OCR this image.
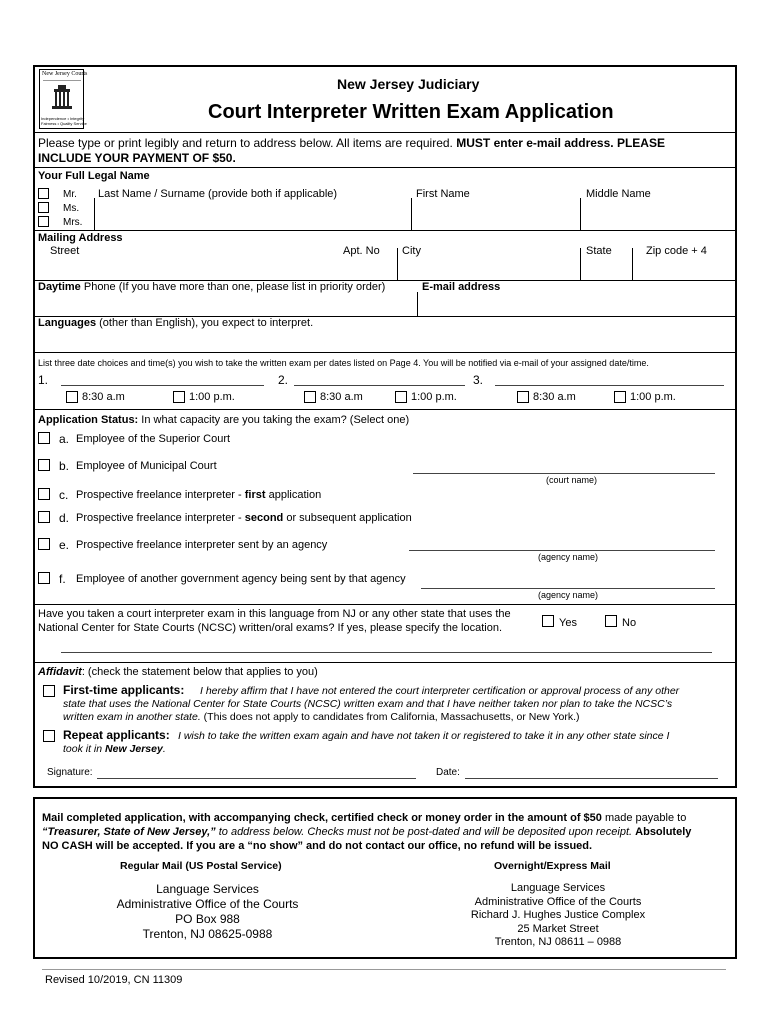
New Jersey Courts
Independence • Integrity
Fairness • Quality Service
New Jersey Judiciary
Court Interpreter Written Exam Application
Please type or print legibly and return to address below. All items are required. MUST enter e-mail address. PLEASE
INCLUDE YOUR PAYMENT OF $50.
Your Full Legal Name
Mr.
Ms.
Mrs.
Last Name / Surname (provide both if applicable)	First Name	Middle Name
Mailing Address
Street	Apt. No City	State	Zip code + 4
Daytime Phone (If you have more than one, please list in priority order)	E-mail address
Languages (other than English), you expect to interpret.
List three date choices and time(s) you wish to take the written exam per dates listed on Page 4. You will be notified via e-mail of your assigned date/time.
1.	2.	3.
8:30 a.m	1:00 p.m.	8:30 a.m	1:00 p.m.	8:30 a.m	1:00 p.m.
Application Status: In what capacity are you taking the exam? (Select one)
a. Employee of the Superior Court
b. Employee of Municipal Court
(court name)
c. Prospective freelance interpreter - first application
d. Prospective freelance interpreter - second or subsequent application
e. Prospective freelance interpreter sent by an agency
(agency name)
f. Employee of another government agency being sent by that agency
(agency name)
Have you taken a court interpreter exam in this language from NJ or any other state that uses the
National Center for State Courts (NCSC) written/oral exams? If yes, please specify the location.	Yes	No
Affidavit: (check the statement below that applies to you)
First-time applicants: I hereby affirm that I have not entered the court interpreter certification or approval process of any other
state that uses the National Center for State Courts (NCSC) written exam and that I have neither taken nor plan to take the NCSC’s
written exam in another state. (This does not apply to candidates from California, Massachusetts, or New York.)
Repeat applicants: I wish to take the written exam again and have not taken it or registered to take it in any other state since I
took it in New Jersey.
Signature:	Date:
Mail completed application, with accompanying check, certified check or money order in the amount of $50 made payable to
“Treasurer, State of New Jersey,” to address below. Checks must not be post-dated and will be deposited upon receipt. Absolutely
NO CASH will be accepted. If you are a “no show” and do not contact our office, no refund will be issued.
Regular Mail (US Postal Service)
Language Services
Administrative Office of the Courts
PO Box 988
Trenton, NJ 08625-0988
Overnight/Express Mail
Language Services
Administrative Office of the Courts
Richard J. Hughes Justice Complex
25 Market Street
Trenton, NJ 08611 – 0988
Revised 10/2019, CN 11309
